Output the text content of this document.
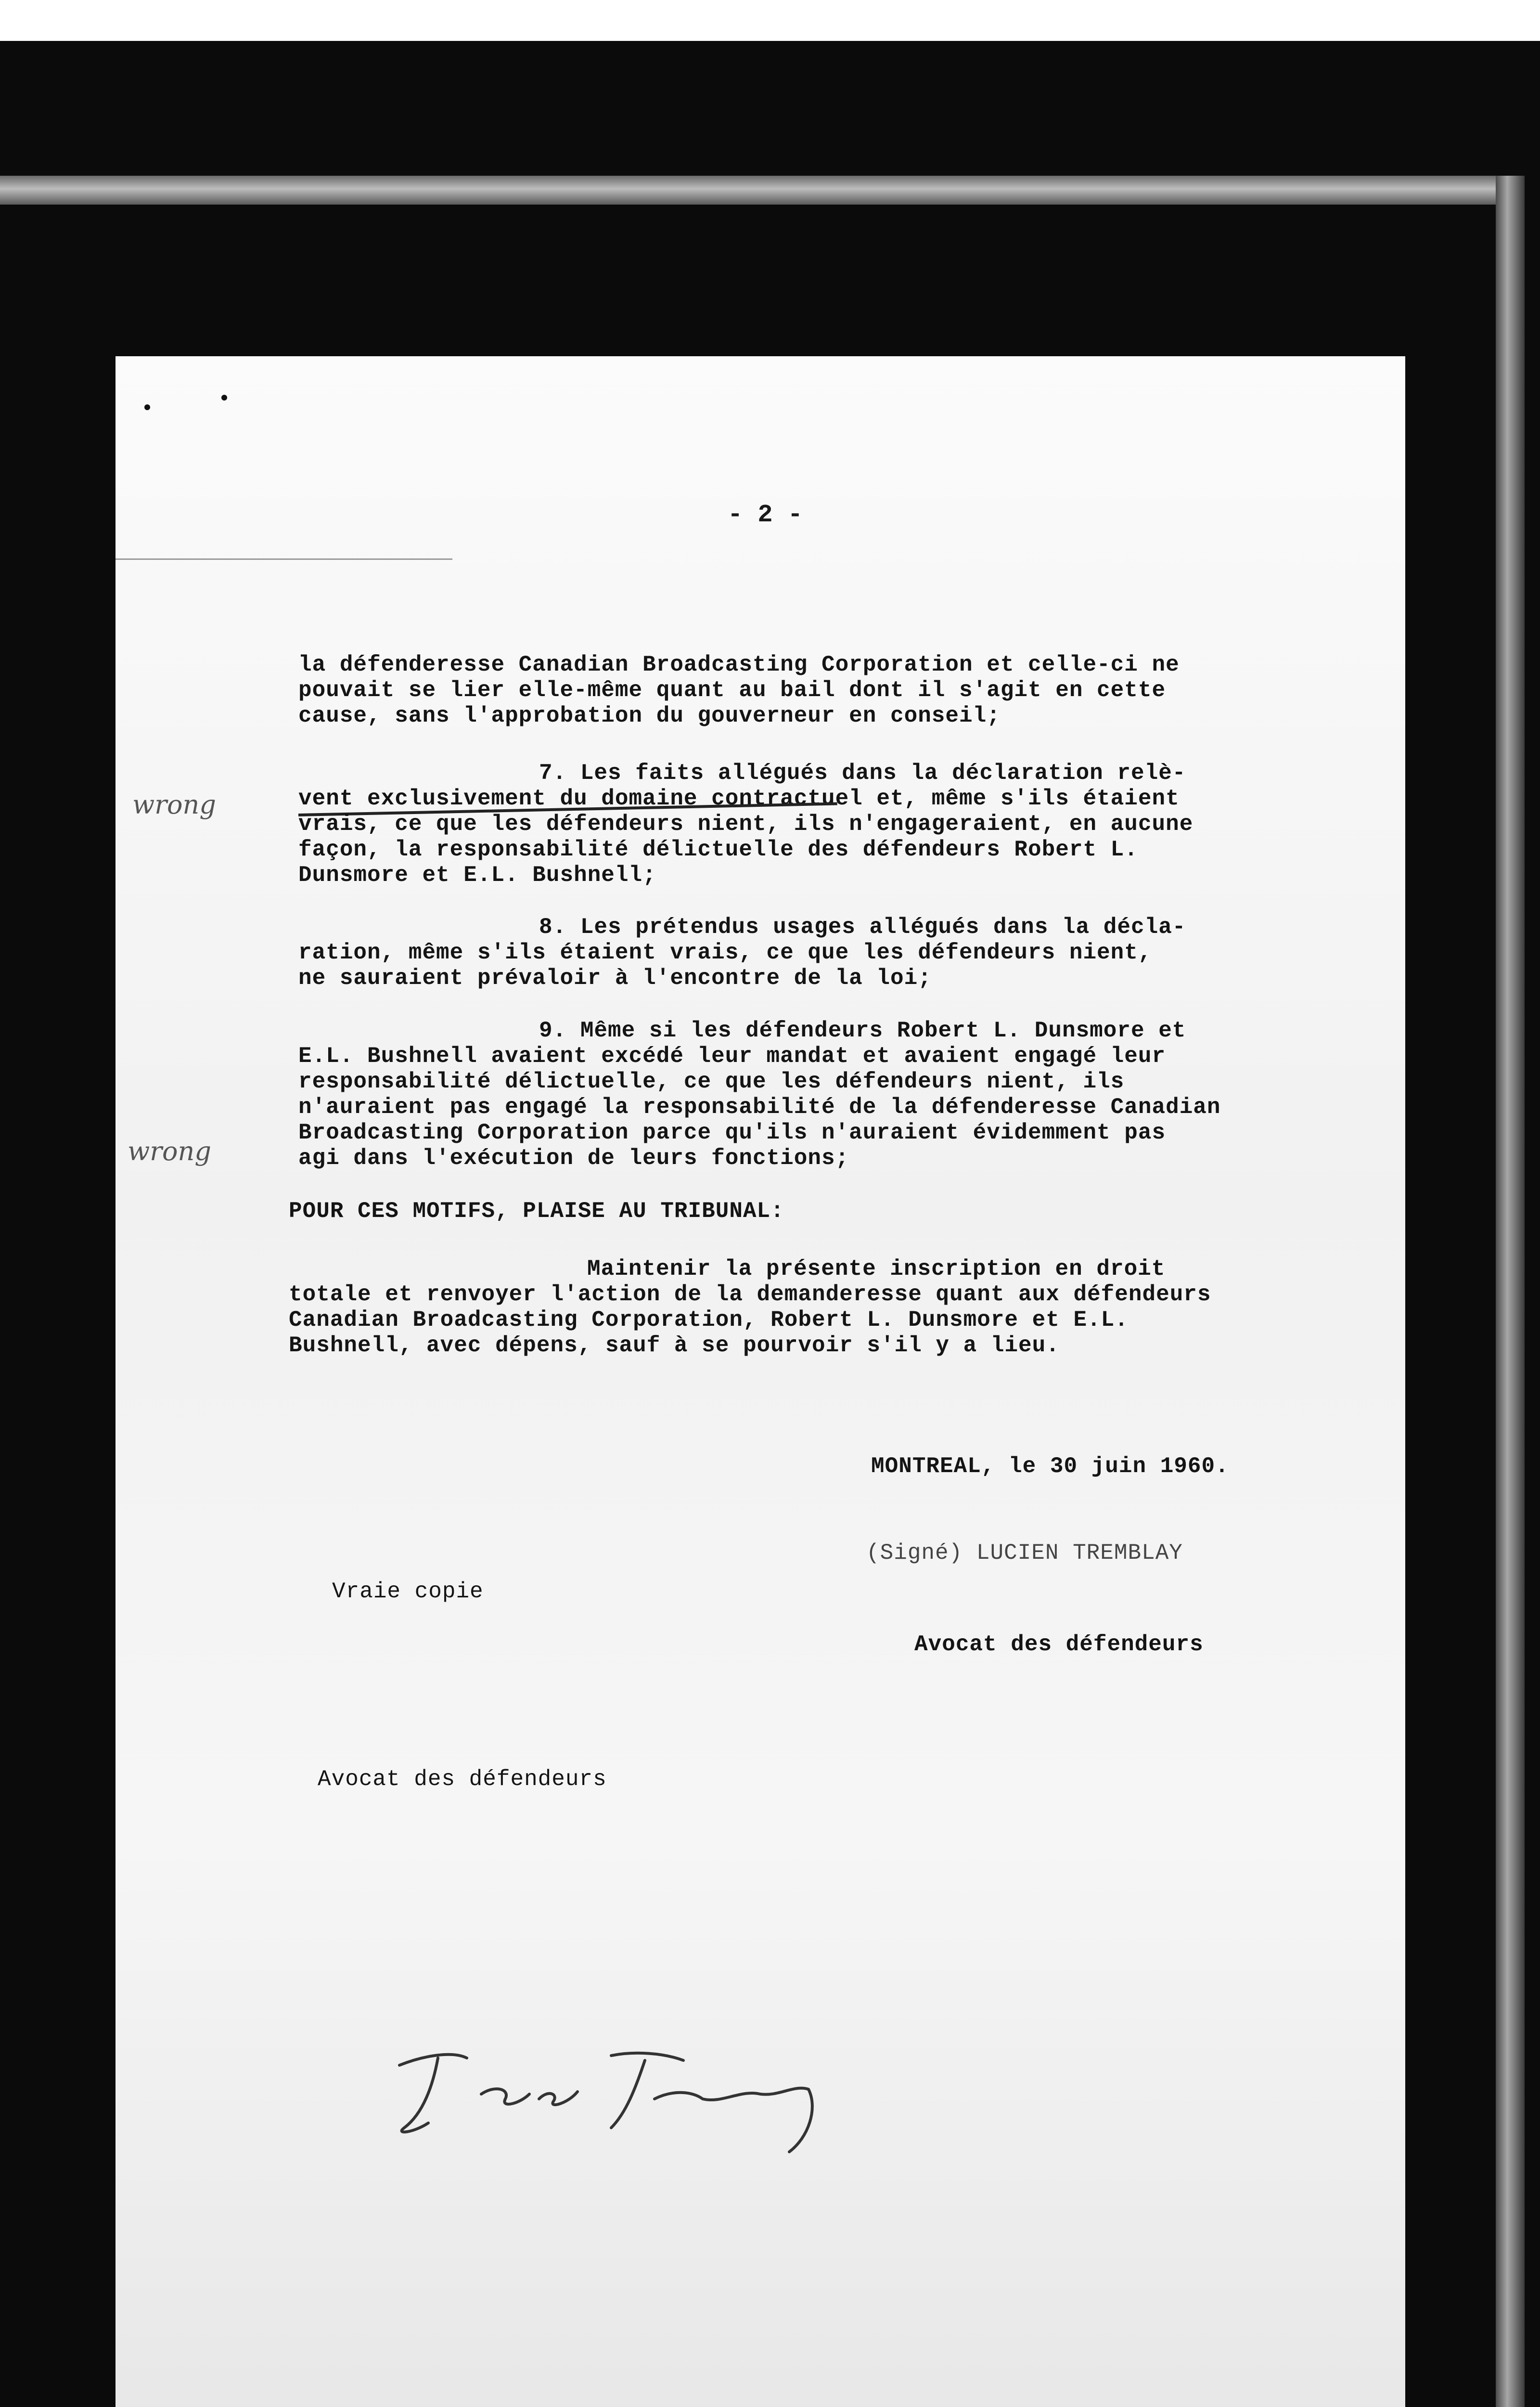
- 2 -
la défenderesse Canadian Broadcasting Corporation et celle-ci ne
pouvait se lier elle-même quant au bail dont il s'agit en cette
cause, sans l'approbation du gouverneur en conseil;
7. Les faits allégués dans la déclaration relè-
vent exclusivement du domaine contractuel et, même s'ils étaient
vrais, ce que les défendeurs nient, ils n'engageraient, en aucune
façon, la responsabilité délictuelle des défendeurs Robert L.
Dunsmore et E.L. Bushnell;
8. Les prétendus usages allégués dans la décla-
ration, même s'ils étaient vrais, ce que les défendeurs nient,
ne sauraient prévaloir à l'encontre de la loi;
9. Même si les défendeurs Robert L. Dunsmore et
E.L. Bushnell avaient excédé leur mandat et avaient engagé leur
responsabilité délictuelle, ce que les défendeurs nient, ils
n'auraient pas engagé la responsabilité de la défenderesse Canadian
Broadcasting Corporation parce qu'ils n'auraient évidemment pas
agi dans l'exécution de leurs fonctions;
POUR CES MOTIFS, PLAISE AU TRIBUNAL:
Maintenir la présente inscription en droit
totale et renvoyer l'action de la demanderesse quant aux défendeurs
Canadian Broadcasting Corporation, Robert L. Dunsmore et E.L.
Bushnell, avec dépens, sauf à se pourvoir s'il y a lieu.
MONTREAL, le 30 juin 1960.
(Signé) LUCIEN TREMBLAY
Vraie copie
Avocat des défendeurs
Avocat des défendeurs
wrong
wrong
